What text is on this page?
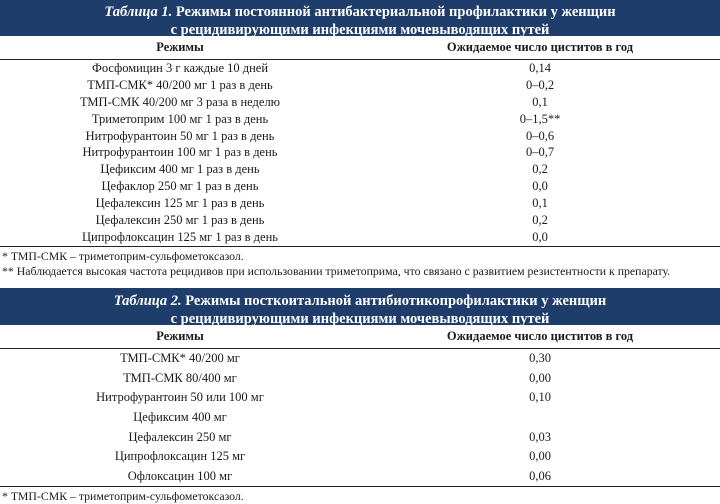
Таблица 1. Режимы постоянной антибактериальной профилактики у женщин
с рецидивирующими инфекциями мочевыводящих путей
Режимы	Ожидаемое число циститов в год
Фосфомицин 3 г каждые 10 дней	0,14
ТМП-СМК* 40/200 мг 1 раз в день	0–0,2
ТМП-СМК 40/200 мг 3 раза в неделю	0,1
Триметоприм 100 мг 1 раз в день	0–1,5**
Нитрофурантоин 50 мг 1 раз в день	0–0,6
Нитрофурантоин 100 мг 1 раз в день	0–0,7
Цефиксим 400 мг 1 раз в день	0,2
Цефаклор 250 мг 1 раз в день	0,0
Цефалексин 125 мг 1 раз в день	0,1
Цефалексин 250 мг 1 раз в день	0,2
Ципрофлоксацин 125 мг 1 раз в день	0,0
* ТМП-СМК – триметоприм-сульфометоксазол.
** Наблюдается высокая частота рецидивов при использовании триметоприма, что связано с развитием резистентности к препарату.
Таблица 2. Режимы посткоитальной антибиотикопрофилактики у женщин
с рецидивирующими инфекциями мочевыводящих путей
Режимы	Ожидаемое число циститов в год
ТМП-СМК* 40/200 мг	0,30
ТМП-СМК 80/400 мг	0,00
Нитрофурантоин 50 или 100 мг	0,10
Цефиксим 400 мг
Цефалексин 250 мг	0,03
Ципрофлоксацин 125 мг	0,00
Офлоксацин 100 мг	0,06
* ТМП-СМК – триметоприм-сульфометоксазол.
